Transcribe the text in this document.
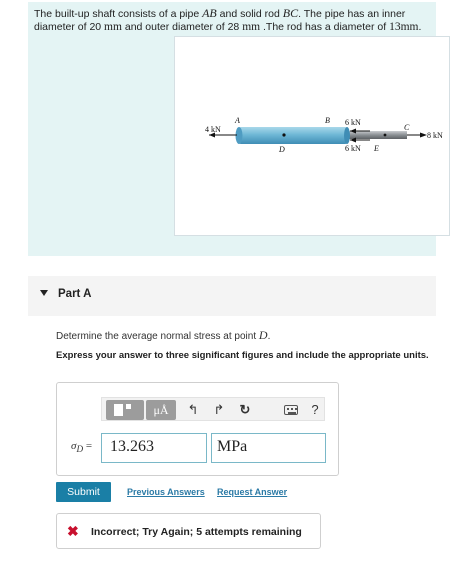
The built-up shaft consists of a pipe AB and solid rod BC. The pipe has an inner
diameter of 20 mm and outer diameter of 28 mm .The rod has a diameter of 13mm.
4 kN
A	B 6 kN
6 kN E
C
8 kN
D
Part A
Determine the average normal stress at point D.
Express your answer to three significant figures and include the appropriate units.
μÅ	↰ ↱ ↻	?
$\sigma_D$ =	13.263	MPa
Submit	Previous Answers Request Answer
✖ Incorrect; Try Again; 5 attempts remaining
